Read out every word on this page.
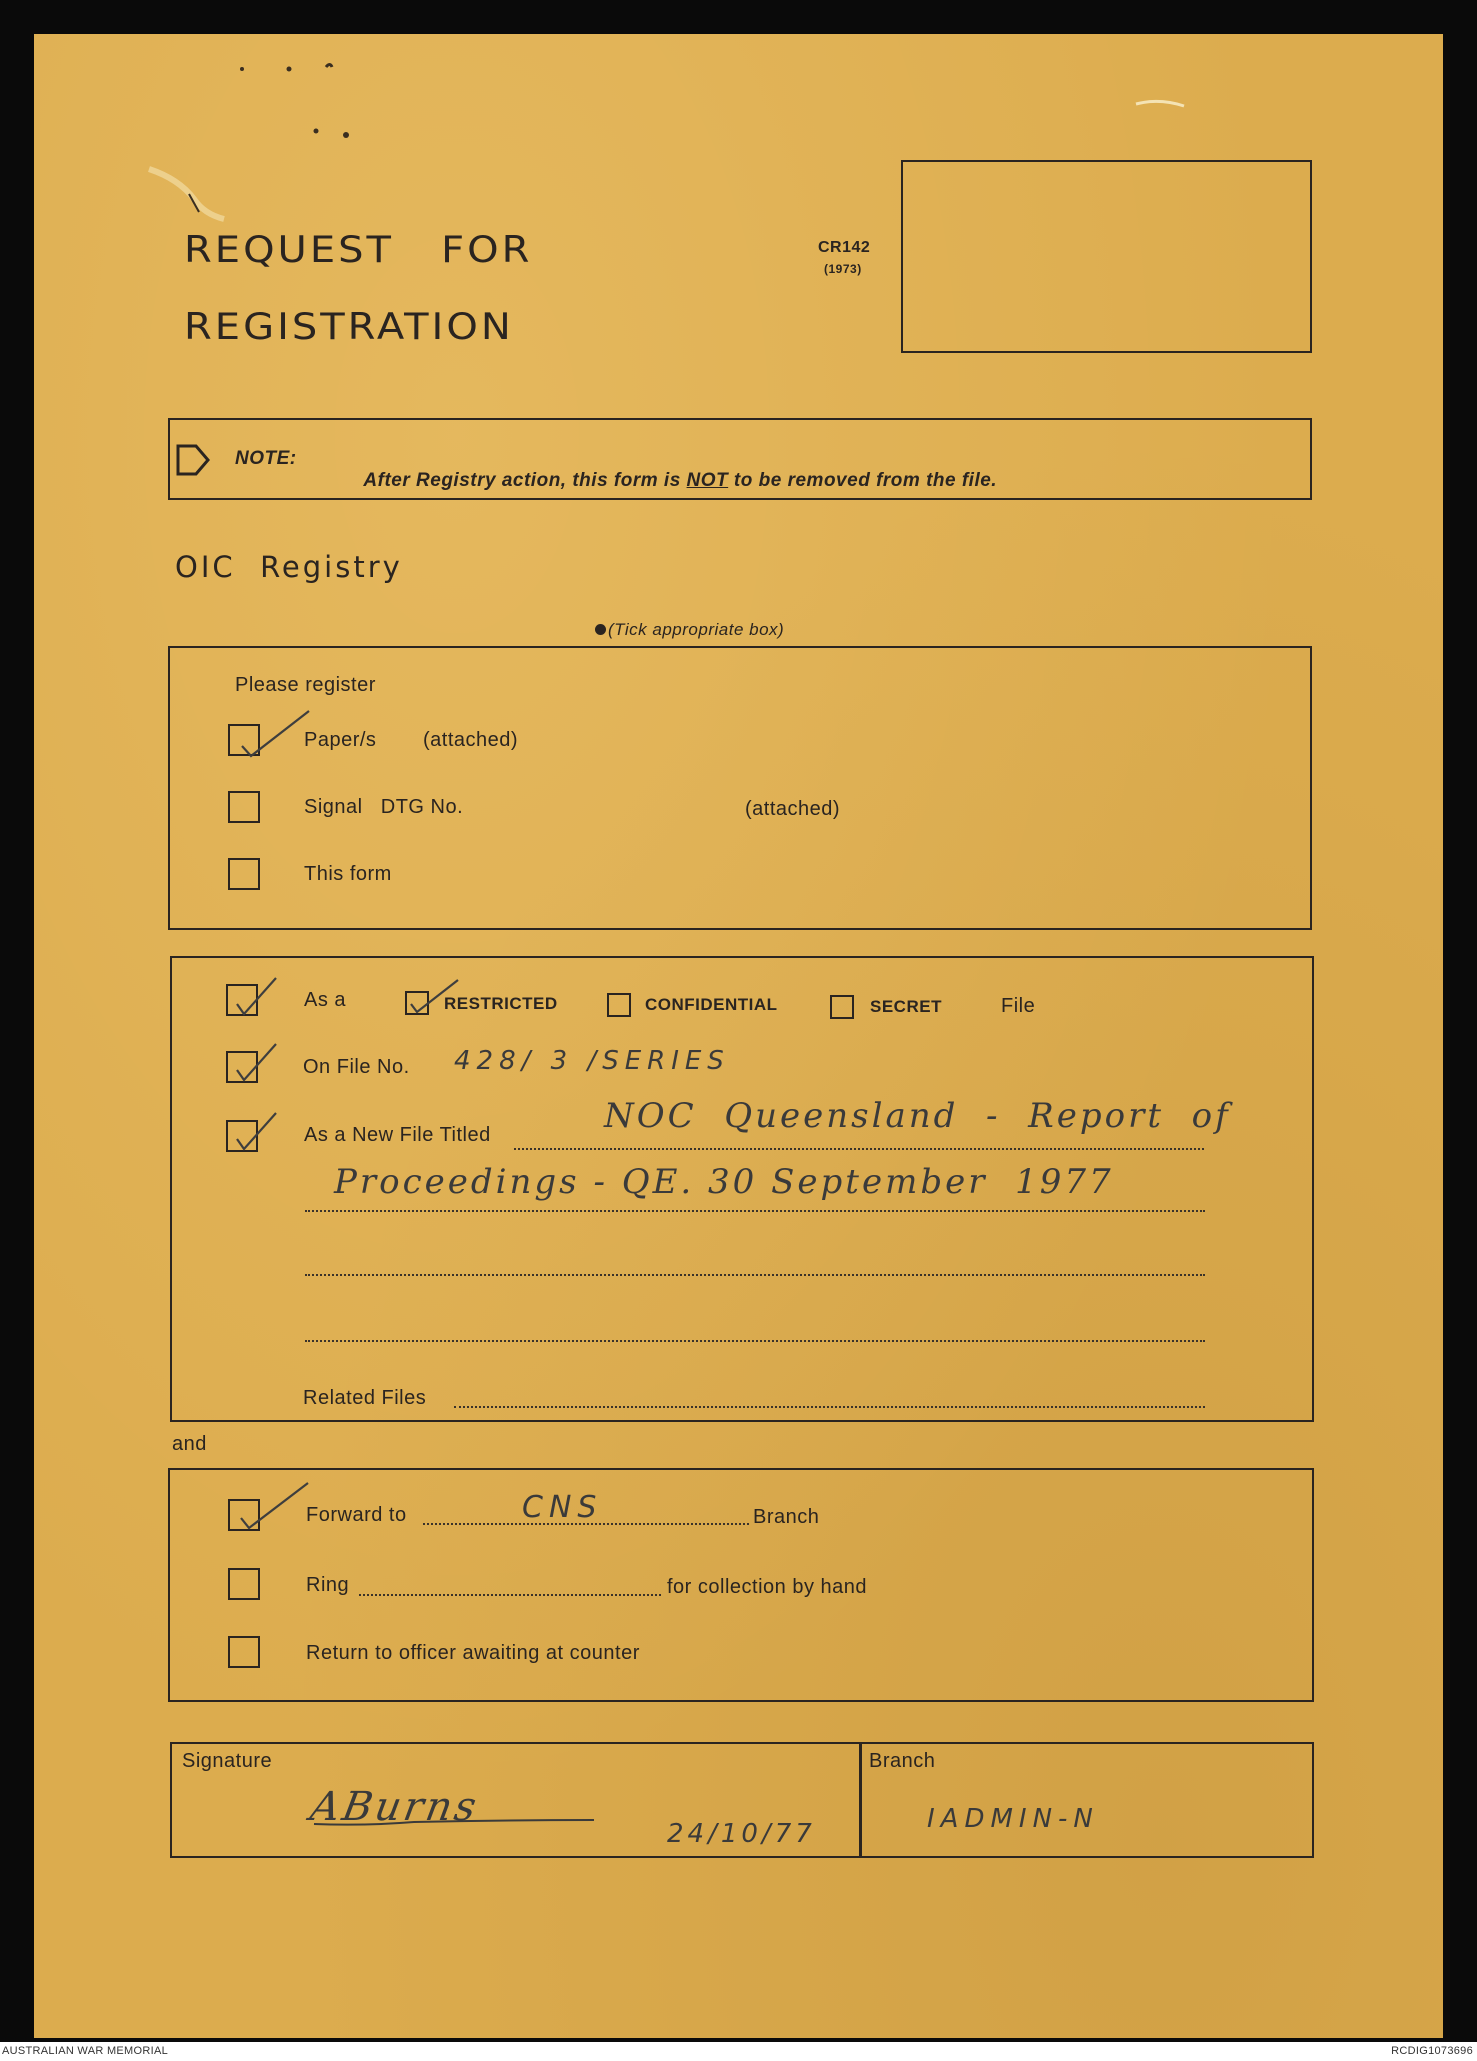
REQUEST   FOR
REGISTRATION
CR142
(1973)
NOTE:

After Registry action, this form is NOT to be removed from the file.

OIC  Registry
(Tick appropriate box)
Please register
Paper/s (attached)
Signal   DTG No.	(attached)
This form
As a	RESTRICTED	CONFIDENTIAL	SECRET	File
On File No. 428/ 3 /SERIES
As a New File Titled	NOC  Queensland  -  Report  of
Proceedings - QE. 30 September  1977
Related Files
and
Forward to	CNS	Branch
Ring	for collection by hand
Return to officer awaiting at counter
Signature
ABurns
24/10/77
Branch
IADMIN-N
AUSTRALIAN WAR MEMORIAL	RCDIG1073696
